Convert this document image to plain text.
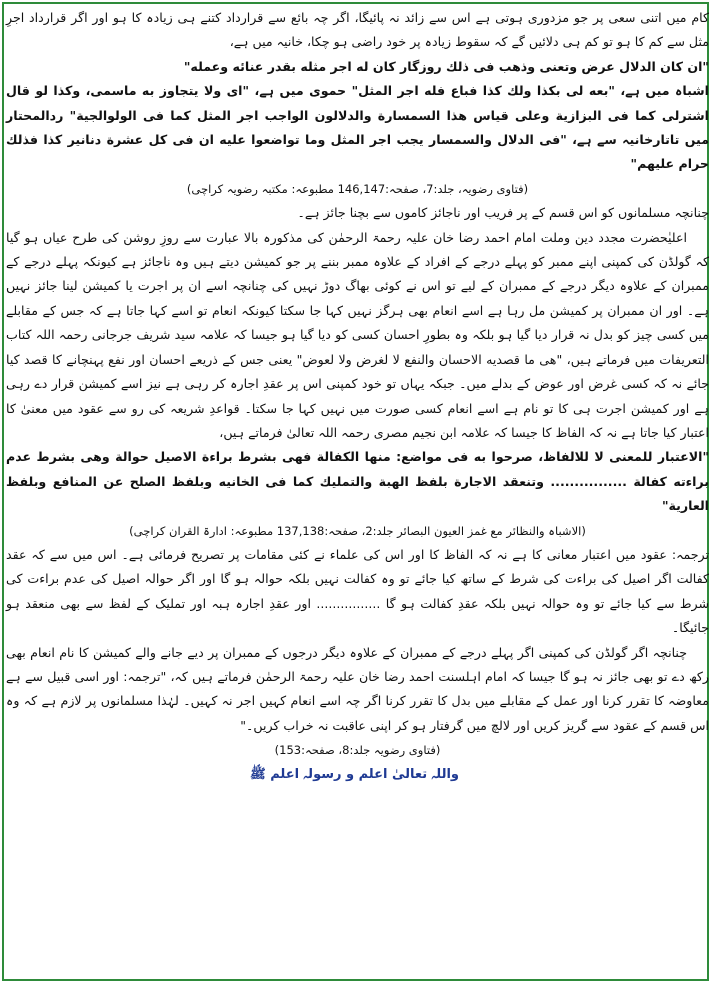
کام میں اتنی سعی پر جو مزدوری ہوتی ہے اس سے زائد نہ پائیگا، اگر چہ بائع سے قرارداد کتنے ہی زیادہ کا ہو اور اگر قرارداد اجرِ مثل سے کم کا ہو تو کم ہی دلائیں گے کہ سقوط زیادہ پر خود راضی ہو چکا، خانیہ میں ہے،

"ان كان الدلال عرض وتعنى وذهب فى ذلك روزگار كان له اجر مثله بقدر عنائه وعمله"

اشباہ میں ہے، "بعه لى بكذا ولك كذا فباع فله اجر المثل" حموی میں ہے، "اى ولا يتجاوز به ماسمى، وكذا لو قال اشترلى كما فى البزازية وعلى قياس هذا السمسارة والدلالون الواجب اجر المثل كما فى الولوالجية" ردالمحتار میں تاتارخانیہ سے ہے، "فى الدلال والسمسار يجب اجر المثل وما تواضعوا عليه ان فى كل عشرة دنانير كذا فذلك حرام عليهم"

(فتاوی رضویہ، جلد:7، صفحہ:146,147 مطبوعہ: مکتبہ رضویہ کراچی)

چنانچہ مسلمانوں کو اس قسم کے پر فریب اور ناجائز کاموں سے بچنا جائز ہے۔

اعلیٰحضرت مجدد دین وملت امام احمد رضا خان علیہ رحمۃ الرحمٰن کی مذکورہ بالا عبارت سے روزِ روشن کی طرح عیاں ہو گیا کہ گولڈن کی کمپنی اپنے ممبر کو پہلے درجے کے افراد کے علاوہ ممبر بننے پر جو کمیشن دیتے ہیں وہ ناجائز ہے کیونکہ پہلے درجے کے ممبران کے علاوہ دیگر درجے کے ممبران کے لیے تو اس نے کوئی بھاگ دوڑ نہیں کی چنانچہ اسے ان پر اجرت یا کمیشن لینا جائز نہیں ہے۔ اور ان ممبران پر کمیشن مل رہا ہے اسے انعام بھی ہرگز نہیں کہا جا سکتا کیونکہ انعام تو اسے کہا جاتا ہے کہ جس کے مقابلے میں کسی چیز کو بدل نہ قرار دیا گیا ہو بلکہ وہ بطورِ احسان کسی کو دیا گیا ہو جیسا کہ علامہ سید شریف جرجانی رحمہ اللہ کتاب التعریفات میں فرماتے ہیں، "هى ما قصديه الاحسان والنفع لا لغرض ولا لعوض" یعنی جس کے ذریعے احسان اور نفع پہنچانے کا قصد کیا جائے نہ کہ کسی غرض اور عوض کے بدلے میں۔ جبکہ یہاں تو خود کمپنی اس پر عقدِ اجارہ کر رہی ہے نیز اسے کمیشن قرار دے رہی ہے اور کمیشن اجرت ہی کا تو نام ہے اسے انعام کسی صورت میں نہیں کہا جا سکتا۔ قواعدِ شریعہ کی رو سے عقود میں معنیٰ کا اعتبار کیا جاتا ہے نہ کہ الفاظ کا جیسا کہ علامہ ابن نجیم مصری رحمہ اللہ تعالیٰ فرماتے ہیں،

"الاعتبار للمعنى لا للالفاظ، صرحوا به فى مواضع: منها الكفالة فهى بشرط براءة الاصيل حوالة وهى بشرط عدم براءته كفالة ................ وتنعقد الاجارة بلفظ الهبة والتمليك كما فى الخانيه وبلفظ الصلح عن المنافع وبلفظ العارية"

(الاشباہ والنظائر مع غمز العیون البصائر جلد:2، صفحہ:137,138 مطبوعہ: ادارۃ القران کراچی)

ترجمہ: عقود میں اعتبار معانی کا ہے نہ کہ الفاظ کا اور اس کی علماء نے کئی مقامات پر تصریح فرمائی ہے۔ اس میں سے کہ عقد کفالت اگر اصیل کی براءت کی شرط کے ساتھ کیا جائے تو وہ کفالت نہیں بلکہ حوالہ ہو گا اور اگر حوالہ اصیل کی عدم براءت کی شرط سے کیا جائے تو وہ حوالہ نہیں بلکہ عقدِ کفالت ہو گا ................ اور عقدِ اجارہ ہبہ اور تملیک کے لفظ سے بھی منعقد ہو جائیگا۔

چنانچہ اگر گولڈن کی کمپنی اگر پہلے درجے کے ممبران کے علاوہ دیگر درجوں کے ممبران پر دیے جانے والے کمیشن کا نام انعام بھی رکھ دے تو بھی جائز نہ ہو گا جیسا کہ امام اہلسنت احمد رضا خان علیہ رحمۃ الرحمٰن فرماتے ہیں کہ، "ترجمہ: اور اسی قبیل سے ہے معاوضہ کا تقرر کرنا اور عمل کے مقابلے میں بدل کا تقرر کرنا اگر چہ اسے انعام کہیں اجر نہ کہیں۔ لہٰذا مسلمانوں پر لازم ہے کہ وہ اس قسم کے عقود سے گریز کریں اور لالچ میں گرفتار ہو کر اپنی عاقبت نہ خراب کریں۔"

(فتاوی رضویہ جلد:8، صفحہ:153)

واللہ تعالیٰ اعلم و رسولہ اعلم ﷺ
